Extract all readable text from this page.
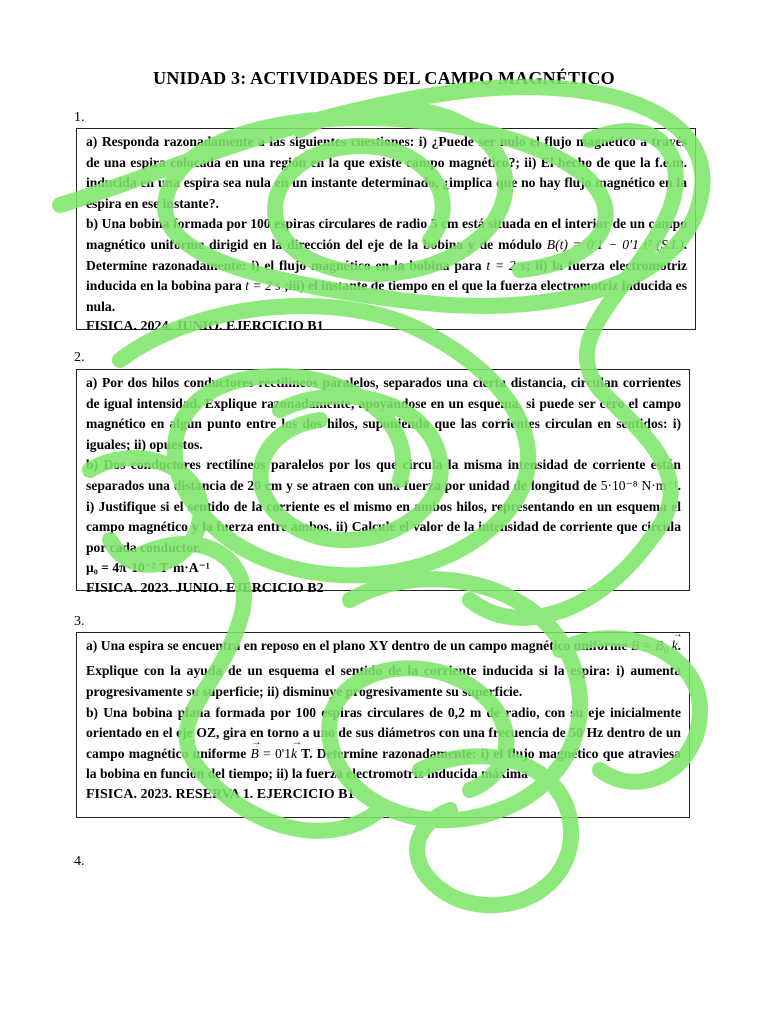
UNIDAD 3: ACTIVIDADES DEL CAMPO MAGNÉTICO
1.

a) Responda razonadamente a las siguientes cuestiones: i) ¿Puede ser nulo el flujo magnético a través de una espira colocada en una región en la que existe campo magnético?; ii) El hecho de que la f.e.m. inducida en una espira sea nula en un instante determinado, ¿implica que no hay flujo magnético en la espira en ese instante?.

b) Una bobina formada por 100 espiras circulares de radio 5 cm está situada en el interior de un campo magnético uniforme dirigid en la dirección del eje de la bobina y de módulo B(t) = 0'1 − 0'1 t² (S.I.). Determine razonadamente: i) el flujo magnético en la bobina para t = 2 s; ii) la fuerza electromotriz inducida en la bobina para t = 2 s ;iii) el instante de tiempo en el que la fuerza electromotriz inducida es nula.

FISICA. 2024. JUNIO. EJERCICIO B1

2.

a) Por dos hilos conductores rectilíneos paralelos, separados una cierta distancia, circulan corrientes de igual intensidad. Explique razonadamente, apoyándose en un esquema, si puede ser cero el campo magnético en algún punto entre los dos hilos, suponiendo que las corrientes circulan en sentidos: i) iguales; ii) opuestos.

b) Dos conductores rectilíneos paralelos por los que circula la misma intensidad de corriente están separados una distancia de 20 cm y se atraen con una fuerza por unidad de longitud de 5·10⁻⁸ N·m⁻¹. i) Justifique si el sentido de la corriente es el mismo en ambos hilos, representando en un esquema el campo magnético y la fuerza entre ambos. ii) Calcule el valor de la intensidad de corriente que circula por cada conductor.

μ₀ = 4π·10⁻⁷ T·m·A⁻¹

FISICA. 2023. JUNIO. EJERCICIO B2

3.

a) Una espira se encuentra en reposo en el plano XY dentro de un campo magnético uniforme → $B = B_0 \to k$. Explique con la ayuda de un esquema el sentido de la corriente inducida si la espira: i) aumenta progresivamente su superficie; ii) disminuye progresivamente su superficie.

b) Una bobina plana formada por 100 espiras circulares de 0,2 m de radio, con su eje inicialmente orientado en el eje OZ, gira en torno a uno de sus diámetros con una frecuencia de 50 Hz dentro de un campo magnético uniforme → B = 0'1→ k T. Determine razonadamente: i) el flujo magnético que atraviesa la bobina en función del tiempo; ii) la fuerza electromotriz inducida máxima

FISICA. 2023. RESERVA 1. EJERCICIO B1

4.
